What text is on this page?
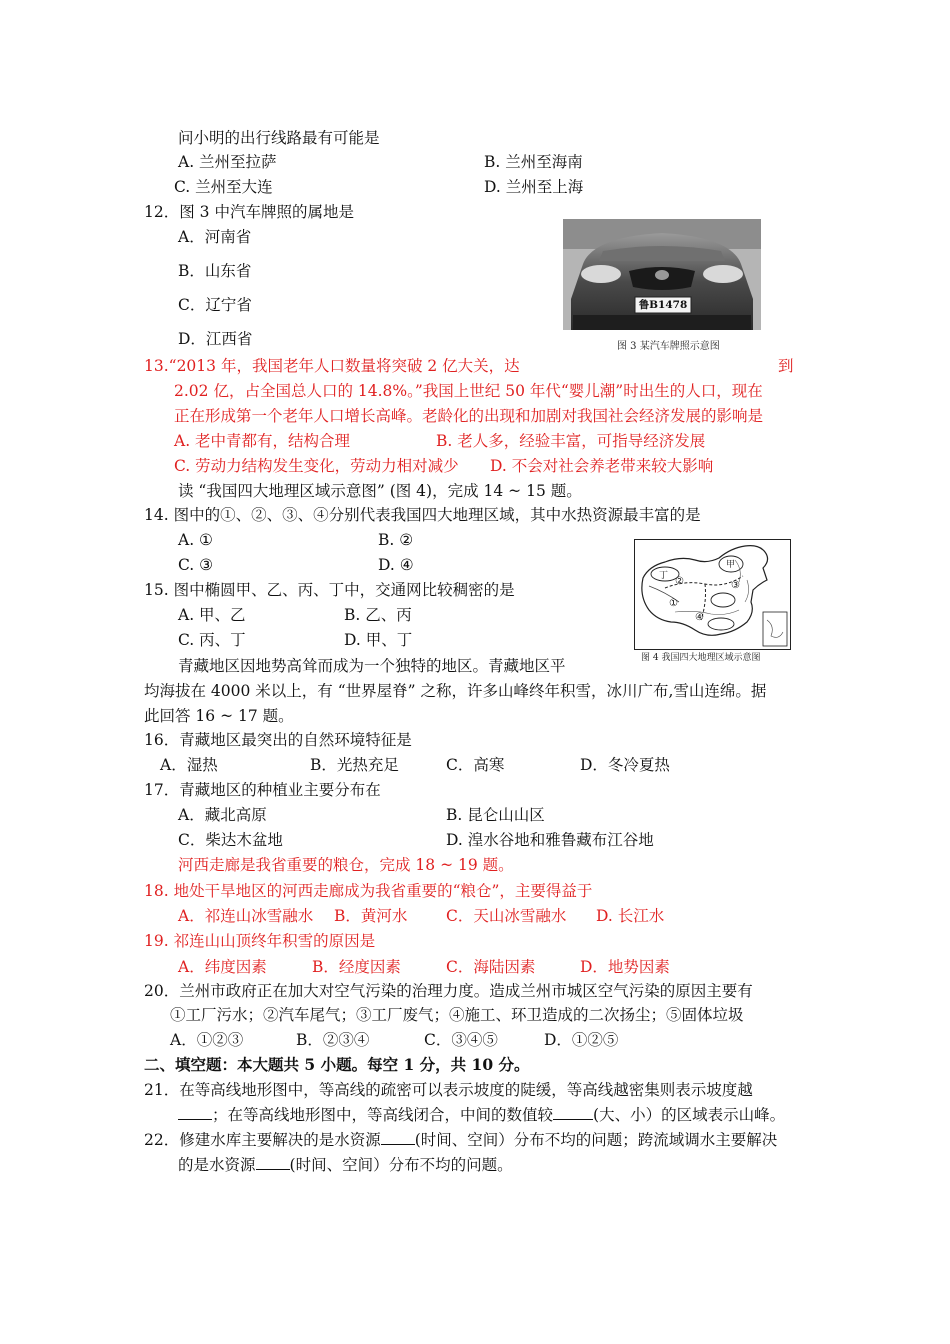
问小明的出行线路最有可能是
A. 兰州至拉萨	B. 兰州至海南
C. 兰州至大连	D. 兰州至上海
12．图 3 中汽车牌照的属地是
A．河南省
B．山东省
C．辽宁省
D．江西省
鲁B1478
图 3 某汽车牌照示意图
13.“2013 年，我国老年人口数量将突破 2 亿大关，达	到
2.02 亿，占全国总人口的 14.8%。”我国上世纪 50 年代“婴儿潮”时出生的人口，现在
正在形成第一个老年人口增长高峰。老龄化的出现和加剧对我国社会经济发展的影响是
A. 老中青都有，结构合理	B. 老人多，经验丰富，可指导经济发展
C. 劳动力结构发生变化，劳动力相对减少 D. 不会对社会养老带来较大影响
读 “我国四大地理区域示意图” (图 4)，完成 14 ~ 15 题。
14. 图中的①、②、③、④分别代表我国四大地理区域，其中水热资源最丰富的是
A. ①	B. ②
C. ③	D. ④
15. 图中椭圆甲、乙、丙、丁中，交通网比较稠密的是
A. 甲、乙	B. 乙、丙
C. 丙、丁	D. 甲、丁
丁
甲
①
②	③
④
图 4 我国四大地理区域示意图
青藏地区因地势高耸而成为一个独特的地区。青藏地区平
均海拔在 4000 米以上，有 “世界屋脊” 之称，许多山峰终年积雪，冰川广布,雪山连绵。据
此回答 16 ~ 17 题。
16．青藏地区最突出的自然环境特征是
A．湿热	B．光热充足	C．高寒	D．冬冷夏热
17．青藏地区的种植业主要分布在
A．藏北高原	B. 昆仑山山区
C．柴达木盆地	D. 湟水谷地和雅鲁藏布江谷地
河西走廊是我省重要的粮仓，完成 18 ~ 19 题。
18. 地处干旱地区的河西走廊成为我省重要的“粮仓”，主要得益于
A．祁连山冰雪融水 B．黄河水 C．天山冰雪融水 D. 长江水
19. 祁连山山顶终年积雪的原因是
A．纬度因素	B．经度因素	C．海陆因素	D．地势因素
20．兰州市政府正在加大对空气污染的治理力度。造成兰州市城区空气污染的原因主要有
①工厂污水；②汽车尾气；③工厂废气；④施工、环卫造成的二次扬尘；⑤固体垃圾
A．①②③	B．②③④	C．③④⑤	D．①②⑤
二、填空题：本大题共 5 小题。每空 1 分，共 10 分。
21．在等高线地形图中，等高线的疏密可以表示坡度的陡缓，等高线越密集则表示坡度越
；在等高线地形图中，等高线闭合，中间的数值较	(大、小）的区域表示山峰。
22．修建水库主要解决的是水资源 (时间、空间）分布不均的问题；跨流域调水主要解决
的是水资源 (时间、空间）分布不均的问题。
